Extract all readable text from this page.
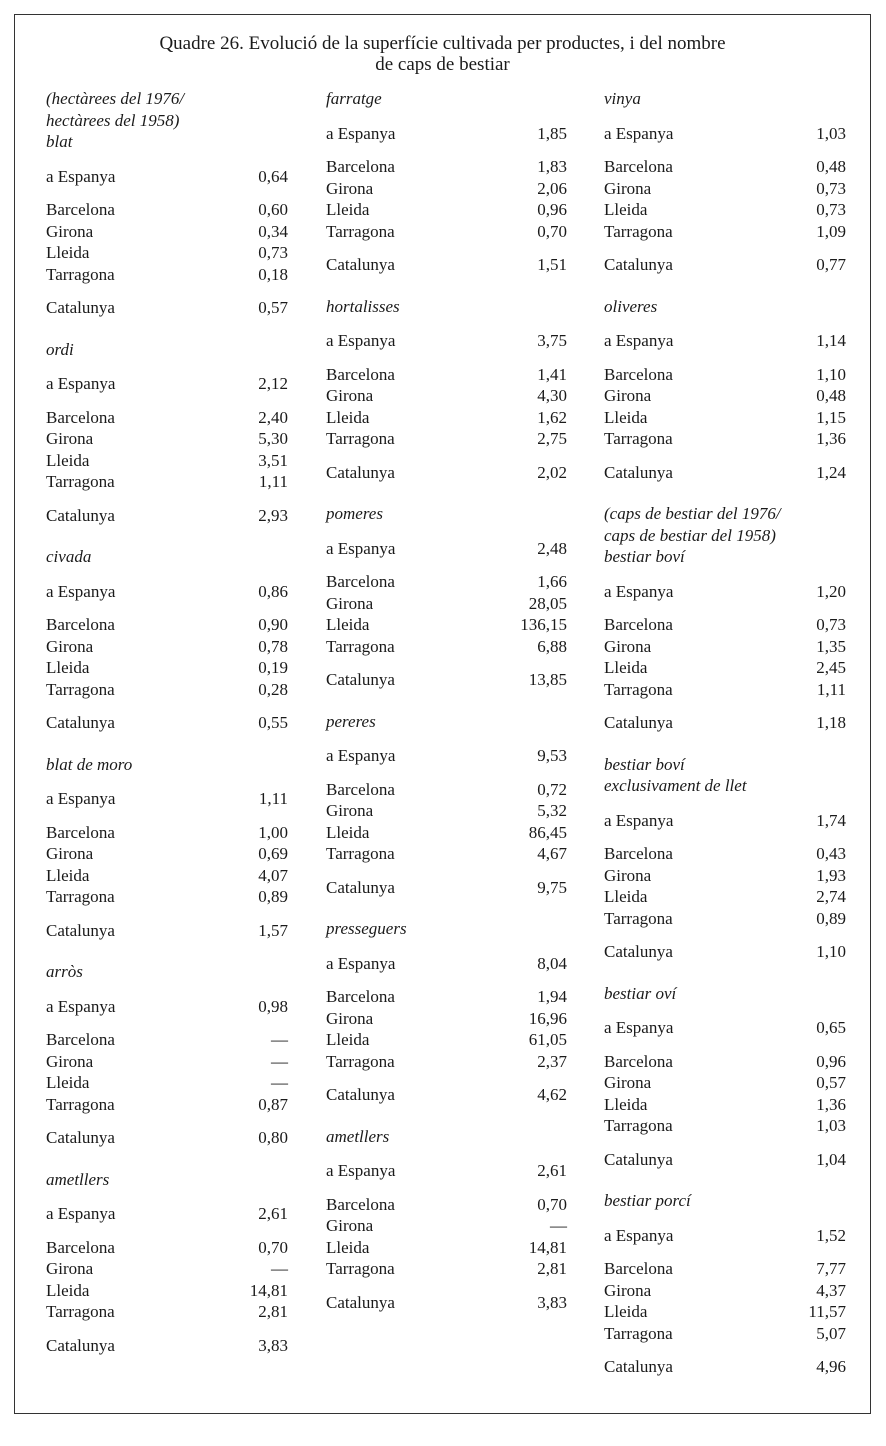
Quadre 26. Evolució de la superfície cultivada per productes, i del nombre
de caps de bestiar
(hectàrees del 1976/
hectàrees del 1958)
blat
a Espanya	0,64
Barcelona	0,60
Girona	0,34
Lleida	0,73
Tarragona	0,18
Catalunya	0,57
ordi
a Espanya	2,12
Barcelona	2,40
Girona	5,30
Lleida	3,51
Tarragona	1,11
Catalunya	2,93
civada
a Espanya	0,86
Barcelona	0,90
Girona	0,78
Lleida	0,19
Tarragona	0,28
Catalunya	0,55
blat de moro
a Espanya	1,11
Barcelona	1,00
Girona	0,69
Lleida	4,07
Tarragona	0,89
Catalunya	1,57
arròs
a Espanya	0,98
Barcelona	—
Girona	—
Lleida	—
Tarragona	0,87
Catalunya	0,80
ametllers
a Espanya	2,61
Barcelona	0,70
Girona	—
Lleida	14,81
Tarragona	2,81
Catalunya	3,83
farratge
a Espanya	1,85
Barcelona	1,83
Girona	2,06
Lleida	0,96
Tarragona	0,70
Catalunya	1,51
hortalisses
a Espanya	3,75
Barcelona	1,41
Girona	4,30
Lleida	1,62
Tarragona	2,75
Catalunya	2,02
pomeres
a Espanya	2,48
Barcelona	1,66
Girona	28,05
Lleida	136,15
Tarragona	6,88
Catalunya	13,85
pereres
a Espanya	9,53
Barcelona	0,72
Girona	5,32
Lleida	86,45
Tarragona	4,67
Catalunya	9,75
presseguers
a Espanya	8,04
Barcelona	1,94
Girona	16,96
Lleida	61,05
Tarragona	2,37
Catalunya	4,62
ametllers
a Espanya	2,61
Barcelona	0,70
Girona	—
Lleida	14,81
Tarragona	2,81
Catalunya	3,83
vinya
a Espanya	1,03
Barcelona	0,48
Girona	0,73
Lleida	0,73
Tarragona	1,09
Catalunya	0,77
oliveres
a Espanya	1,14
Barcelona	1,10
Girona	0,48
Lleida	1,15
Tarragona	1,36
Catalunya	1,24
(caps de bestiar del 1976/
caps de bestiar del 1958)
bestiar boví
a Espanya	1,20
Barcelona	0,73
Girona	1,35
Lleida	2,45
Tarragona	1,11
Catalunya	1,18
bestiar boví
exclusivament de llet
a Espanya	1,74
Barcelona	0,43
Girona	1,93
Lleida	2,74
Tarragona	0,89
Catalunya	1,10
bestiar oví
a Espanya	0,65
Barcelona	0,96
Girona	0,57
Lleida	1,36
Tarragona	1,03
Catalunya	1,04
bestiar porcí
a Espanya	1,52
Barcelona	7,77
Girona	4,37
Lleida	11,57
Tarragona	5,07
Catalunya	4,96
